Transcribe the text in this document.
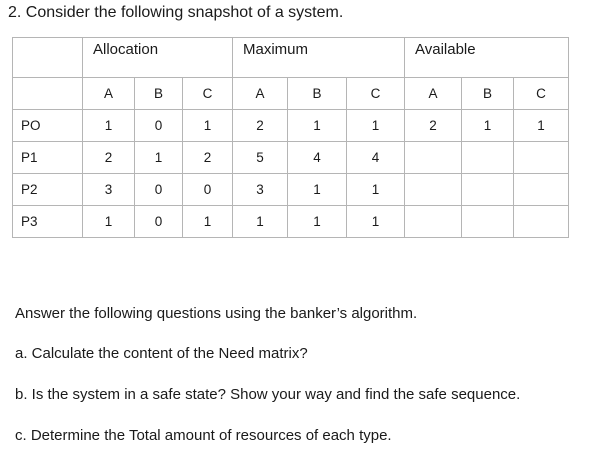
2. Consider the following snapshot of a system.
	Allocation			Maximum			Available		
	A	B	C	A	B	C	A	B	C
PO	1	0	1	2	1	1	2	1	1
P1	2	1	2	5	4	4			
P2	3	0	0	3	1	1			
P3	1	0	1	1	1	1			
Answer the following questions using the banker’s algorithm.
a. Calculate the content of the Need matrix?
b. Is the system in a safe state? Show your way and find the safe sequence.
c. Determine the Total amount of resources of each type.
